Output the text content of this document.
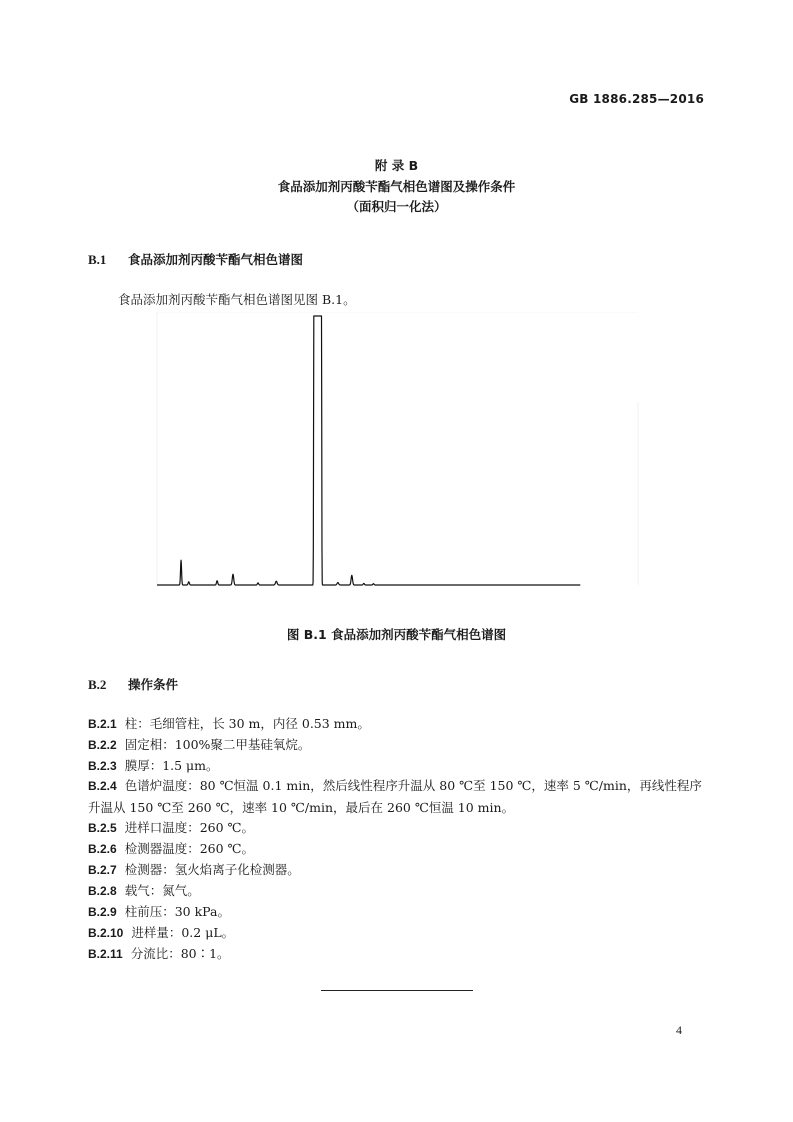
GB 1886.285—2016
附 录 B
食品添加剂丙酸苄酯气相色谱图及操作条件
（面积归一化法）
B.1 食品添加剂丙酸苄酯气相色谱图
食品添加剂丙酸苄酯气相色谱图见图 B.1。
图 B.1 食品添加剂丙酸苄酯气相色谱图
B.2 操作条件
B.2.1 柱：毛细管柱，长 30 m，内径 0.53 mm。
B.2.2 固定相：100%聚二甲基硅氧烷。
B.2.3 膜厚：1.5 μm。
B.2.4 色谱炉温度：80 ℃恒温 0.1 min，然后线性程序升温从 80 ℃至 150 ℃，速率 5 ℃/min，再线性程序升温从 150 ℃至 260 ℃，速率 10 ℃/min，最后在 260 ℃恒温 10 min。
B.2.5 进样口温度：260 ℃。
B.2.6 检测器温度：260 ℃。
B.2.7 检测器：氢火焰离子化检测器。
B.2.8 载气：氮气。
B.2.9 柱前压：30 kPa。
B.2.10 进样量：0.2 μL。
B.2.11 分流比：80∶1。
4
